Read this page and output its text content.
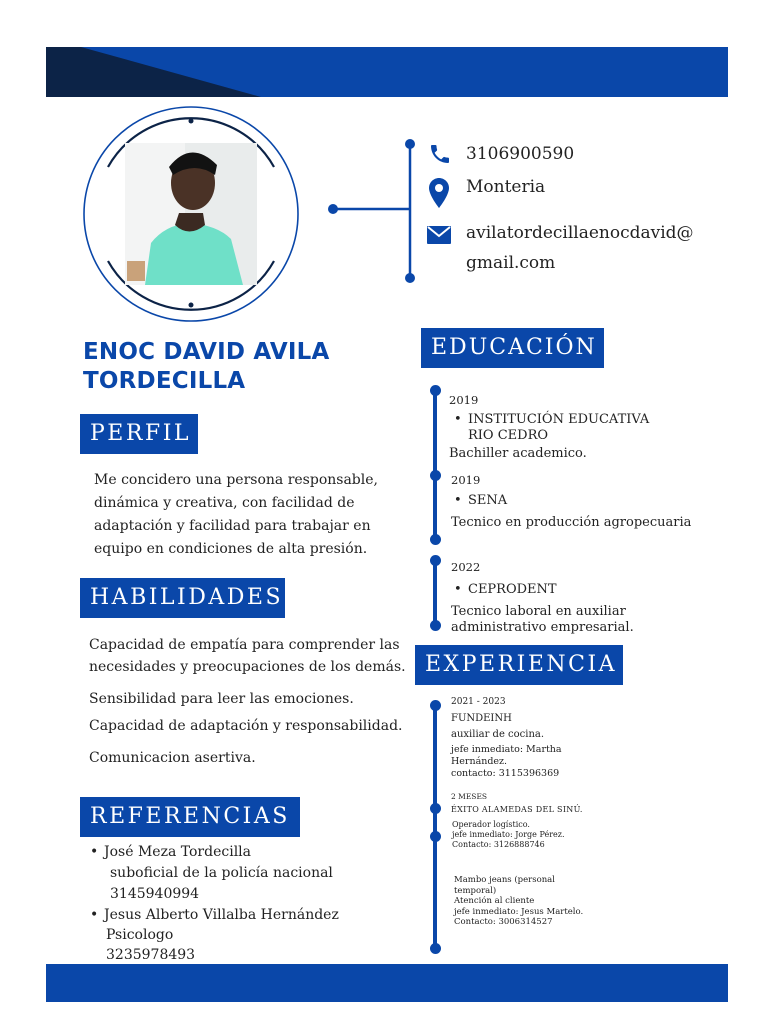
3106900590
Monteria
avilatordecillaenocdavid@
gmail.com
ENOC DAVID AVILA
TORDECILLA
PERFIL
Me concidero una persona responsable,
dinámica y creativa, con facilidad de
adaptación y facilidad para trabajar en
equipo en condiciones de alta presión.
HABILIDADES
Capacidad de empatía para comprender las
necesidades y preocupaciones de los demás.
Sensibilidad para leer las emociones.
Capacidad de adaptación y responsabilidad.
Comunicacion asertiva.
REFERENCIAS
• José Meza Tordecilla
suboficial de la policía nacional
3145940994
• Jesus Alberto Villalba Hernández
Psicologo
3235978493
EDUCACIÓN
2019
• INSTITUCIÓN EDUCATIVA
RIO CEDRO
Bachiller academico.
2019
• SENA
Tecnico en producción agropecuaria
2022
• CEPRODENT
Tecnico laboral en auxiliar
administrativo empresarial.
EXPERIENCIA
2021 - 2023
FUNDEINH
auxiliar de cocina.
jefe inmediato: Martha
Hernández.
contacto: 3115396369
2 MESES
ÉXITO ALAMEDAS DEL SINÚ.
Operador logístico.
jefe inmediato: Jorge Pérez.
Contacto: 3126888746
Mambo jeans (personal
temporal)
Atención al cliente
jefe inmediato: Jesus Martelo.
Contacto: 3006314527
